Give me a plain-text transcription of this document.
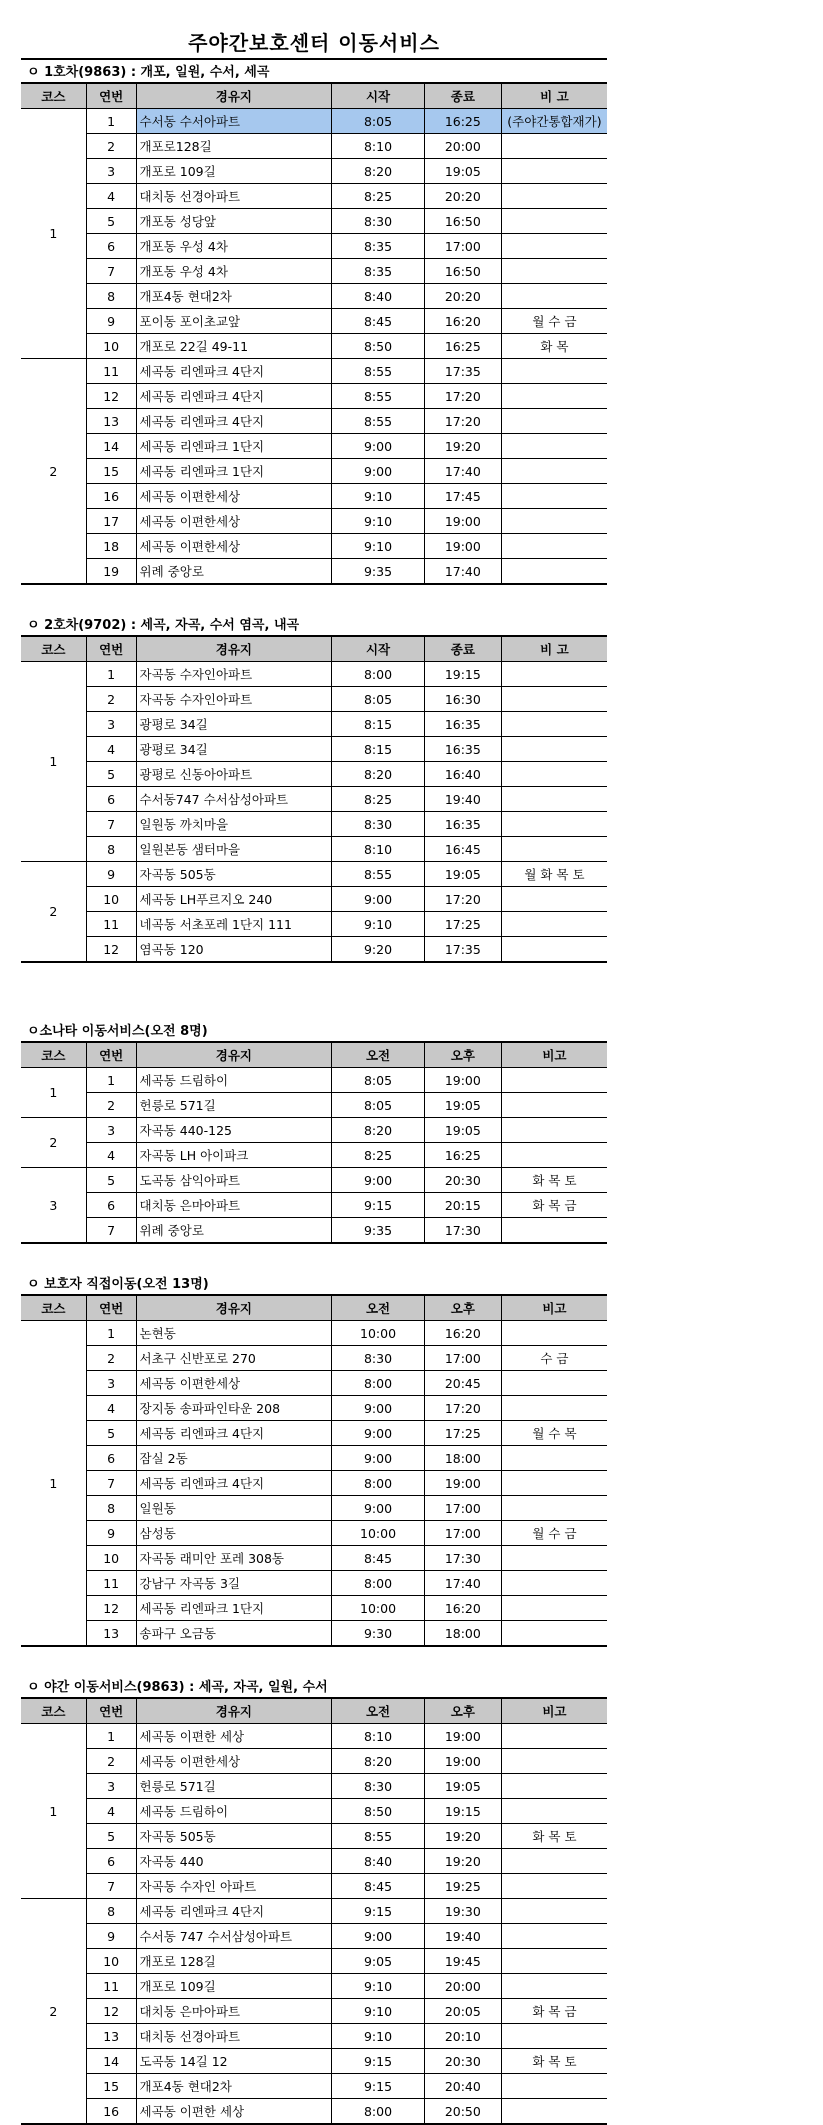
주야간보호센터 이동서비스
ㅇ 1호차(9863) : 개포, 일원, 수서, 세곡
코스	연번	경유지	시작	종료	비 고
1	1	수서동 수서아파트	8:05	16:25	(주야간통합재가)
	2	개포로128길	8:10	20:00	
	3	개포로 109길	8:20	19:05	
	4	대치동 선경아파트	8:25	20:20	
	5	개포동 성당앞	8:30	16:50	
	6	개포동 우성 4차	8:35	17:00	
	7	개포동 우성 4차	8:35	16:50	
	8	개포4동 현대2차	8:40	20:20	
	9	포이동 포이초교앞	8:45	16:20	월 수 금
	10	개포로 22길 49-11	8:50	16:25	화 목
2	11	세곡동 리엔파크 4단지	8:55	17:35	
	12	세곡동 리엔파크 4단지	8:55	17:20	
	13	세곡동 리엔파크 4단지	8:55	17:20	
	14	세곡동 리엔파크 1단지	9:00	19:20	
	15	세곡동 리엔파크 1단지	9:00	17:40	
	16	세곡동 이편한세상	9:10	17:45	
	17	세곡동 이편한세상	9:10	19:00	
	18	세곡동 이편한세상	9:10	19:00	
	19	위례 중앙로	9:35	17:40	
ㅇ 2호차(9702) : 세곡, 자곡, 수서 염곡, 내곡
코스	연번	경유지	시작	종료	비 고
1	1	자곡동 수자인아파트	8:00	19:15	
	2	자곡동 수자인아파트	8:05	16:30	
	3	광평로 34길	8:15	16:35	
	4	광평로 34길	8:15	16:35	
	5	광평로 신동아아파트	8:20	16:40	
	6	수서동747 수서삼성아파트	8:25	19:40	
	7	일원동 까치마을	8:30	16:35	
	8	일원본동 샘터마을	8:10	16:45	
2	9	자곡동 505동	8:55	19:05	월 화 목 토
	10	세곡동 LH푸르지오 240	9:00	17:20	
	11	네곡동 서초포레 1단지 111	9:10	17:25	
	12	염곡동 120	9:20	17:35	
ㅇ소나타 이동서비스(오전 8명)
코스	연번	경유지	오전	오후	비고
1	1	세곡동 드림하이	8:05	19:00	
	2	헌릉로 571길	8:05	19:05	
2	3	자곡동 440-125	8:20	19:05	
	4	자곡동 LH 아이파크	8:25	16:25	
3	5	도곡동 삼익아파트	9:00	20:30	화 목 토
	6	대치동 은마아파트	9:15	20:15	화 목 금
	7	위례 중앙로	9:35	17:30	
ㅇ 보호자 직접이동(오전 13명)
코스	연번	경유지	오전	오후	비고
1	1	논현동	10:00	16:20	
	2	서초구 신반포로 270	8:30	17:00	수 금
	3	세곡동 이편한세상	8:00	20:45	
	4	장지동 송파파인타운 208	9:00	17:20	
	5	세곡동 리엔파크 4단지	9:00	17:25	월 수 목
	6	잠실 2동	9:00	18:00	
	7	세곡동 리엔파크 4단지	8:00	19:00	
	8	일원동	9:00	17:00	
	9	삼성동	10:00	17:00	월 수 금
	10	자곡동 래미안 포레 308동	8:45	17:30	
	11	강남구 자곡동 3길	8:00	17:40	
	12	세곡동 리엔파크 1단지	10:00	16:20	
	13	송파구 오금동	9:30	18:00	
ㅇ 야간 이동서비스(9863) : 세곡, 자곡, 일원, 수서
코스	연번	경유지	오전	오후	비고
1	1	세곡동 이편한 세상	8:10	19:00	
	2	세곡동 이편한세상	8:20	19:00	
	3	헌릉로 571길	8:30	19:05	
	4	세곡동 드림하이	8:50	19:15	
	5	자곡동 505동	8:55	19:20	화 목 토
	6	자곡동 440	8:40	19:20	
	7	자곡동 수자인 아파트	8:45	19:25	
2	8	세곡동 리엔파크 4단지	9:15	19:30	
	9	수서동 747 수서삼성아파트	9:00	19:40	
	10	개포로 128길	9:05	19:45	
	11	개포로 109길	9:10	20:00	
	12	대치동 은마아파트	9:10	20:05	화 목 금
	13	대치동 선경아파트	9:10	20:10	
	14	도곡동 14길 12	9:15	20:30	화 목 토
	15	개포4동 현대2차	9:15	20:40	
	16	세곡동 이편한 세상	8:00	20:50	
